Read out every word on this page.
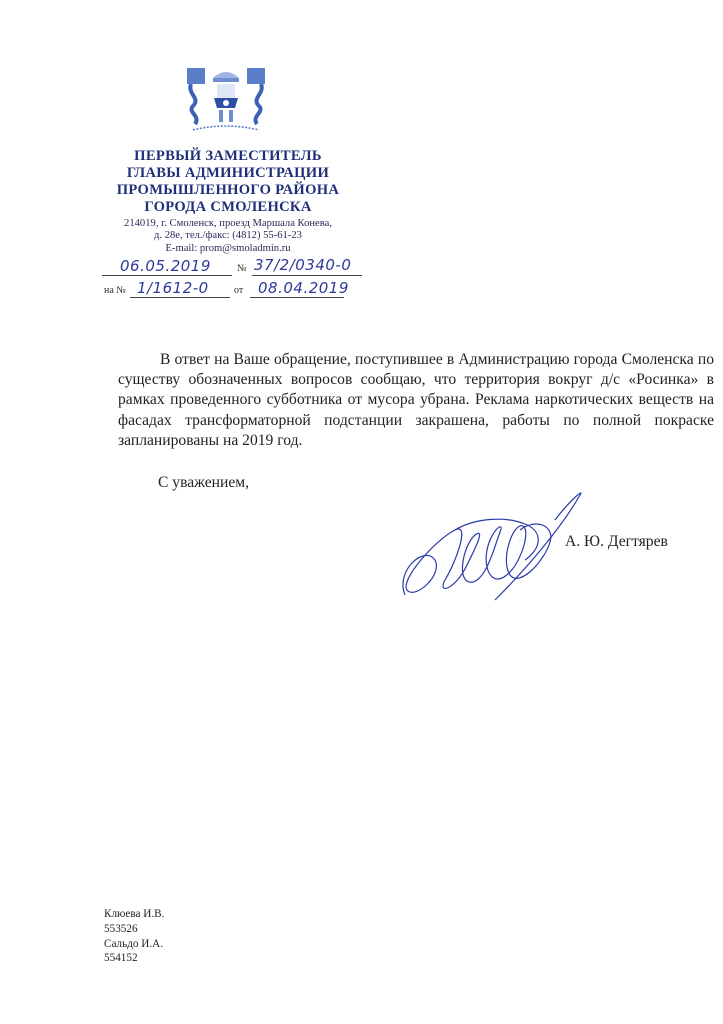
ПЕРВЫЙ ЗАМЕСТИТЕЛЬ
ГЛАВЫ АДМИНИСТРАЦИИ
ПРОМЫШЛЕННОГО РАЙОНА
ГОРОДА СМОЛЕНСКА
214019, г. Смоленск, проезд Маршала Конева,
д. 28е, тел./факс: (4812) 55-61-23
E-mail: prom@smoladmin.ru
06.05.2019	№ 37/2/0340-0
на № 1/1612-0	от 08.04.2019

В ответ на Ваше обращение, поступившее в Администрацию города Смоленска по существу обозначенных вопросов сообщаю, что территория вокруг д/с «Росинка» в рамках проведенного субботника от мусора убрана. Реклама наркотических веществ на фасадах трансформаторной подстанции закрашена, работы по полной покраске запланированы на 2019 год.

С уважением,
А. Ю. Дегтярев
Клюева И.В.
553526
Сальдо И.А.
554152
